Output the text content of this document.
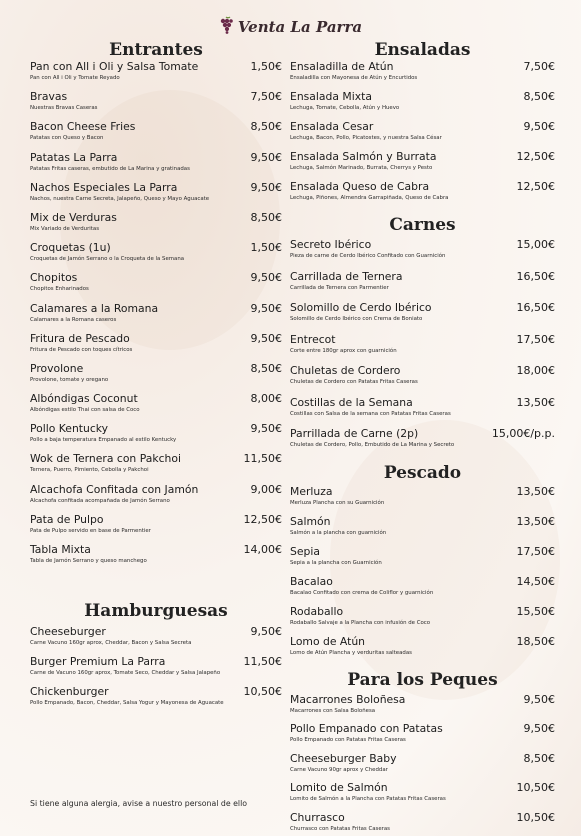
Venta La Parra
Entrantes
Pan con All i Oli y Salsa Tomate
Pan con All i Oli y Tomate Reyado
1,50€
Bravas
Nuestras Bravas Caseras
7,50€
Bacon Cheese Fries
Patatas con Queso y Bacon
8,50€
Patatas La Parra
Patatas Fritas caseras, embutido de La Marina y gratinadas
9,50€
Nachos Especiales La Parra
Nachos, nuestra Carne Secreta, Jalapeño, Queso y Mayo Aguacate
9,50€
Mix de Verduras
Mix Variado de Verduritas
8,50€
Croquetas (1u)
Croquetas de Jamón Serrano o la Croqueta de la Semana
1,50€
Chopitos
Chopitos Enharinados
9,50€
Calamares a la Romana
Calamares a la Romana caseros
9,50€
Fritura de Pescado
Fritura de Pescado con toques cítricos
9,50€
Provolone
Provolone, tomate y oregano
8,50€
Albóndigas Coconut
Albóndigas estilo Thai con salsa de Coco
8,00€
Pollo Kentucky
Pollo a baja temperatura Empanado al estilo Kentucky
9,50€
Wok de Ternera con Pakchoi
Ternera, Puerro, Pimiento, Cebolla y Pakchoi
11,50€
Alcachofa Confitada con Jamón
Alcachofa confitada acompañada de Jamón Serrano
9,00€
Pata de Pulpo
Pata de Pulpo servido en base de Parmentier
12,50€
Tabla Mixta
Tabla de Jamón Serrano y queso manchego
14,00€
Hamburguesas
Cheeseburger
Carne Vacuno 160gr aprox, Cheddar, Bacon y Salsa Secreta
9,50€
Burger Premium La Parra
Carne de Vacuno 160gr aprox, Tomate Seco, Cheddar y Salsa Jalapeño
11,50€
Chickenburger
Pollo Empanado, Bacon, Cheddar, Salsa Yogur y Mayonesa de Aguacate
10,50€
Ensaladas
Ensaladilla de Atún
Ensaladilla con Mayonesa de Atún y Encurtidos
7,50€
Ensalada Mixta
Lechuga, Tomate, Cebolla, Atún y Huevo
8,50€
Ensalada Cesar
Lechuga, Bacon, Pollo, Picatostes, y nuestra Salsa César
9,50€
Ensalada Salmón y Burrata
Lechuga, Salmón Marinado, Burrata, Cherrys y Pesto
12,50€
Ensalada Queso de Cabra
Lechuga, Piñones, Almendra Garrapiñada, Queso de Cabra
12,50€
Carnes
Secreto Ibérico
Pieza de carne de Cerdo Ibérico Confitado con Guarnición
15,00€
Carrillada de Ternera
Carrillada de Ternera con Parmentier
16,50€
Solomillo de Cerdo Ibérico
Solomillo de Cerdo Ibérico con Crema de Boniato
16,50€
Entrecot
Corte entre 180gr aprox con guarnición
17,50€
Chuletas de Cordero
Chuletas de Cordero con Patatas Fritas Caseras
18,00€
Costillas de la Semana
Costillas con Salsa de la semana con Patatas Fritas Caseras
13,50€
Parrillada de Carne (2p)
Chuletas de Cordero, Pollo, Embutido de La Marina y Secreto
15,00€/p.p.
Pescado
Merluza
Merluza Plancha con su Guarnición
13,50€
Salmón
Salmón a la plancha con guarnición
13,50€
Sepia
Sepia a la plancha con Guarnición
17,50€
Bacalao
Bacalao Confitado con crema de Coliflor y guarnición
14,50€
Rodaballo
Rodaballo Salvaje a la Plancha con infusión de Coco
15,50€
Lomo de Atún
Lomo de Atún Plancha y verduritas salteadas
18,50€
Para los Peques
Macarrones Boloñesa
Macarrones con Salsa Boloñesa
9,50€
Pollo Empanado con Patatas
Pollo Empanado con Patatas Fritas Caseras
9,50€
Cheeseburger Baby
Carne Vacuno 90gr aprox y Cheddar
8,50€
Lomito de Salmón
Lomito de Salmón a la Plancha con Patatas Fritas Caseras
10,50€
Churrasco
Churrasco con Patatas Fritas Caseras
10,50€
Si tiene alguna alergia, avise a nuestro personal de ello
